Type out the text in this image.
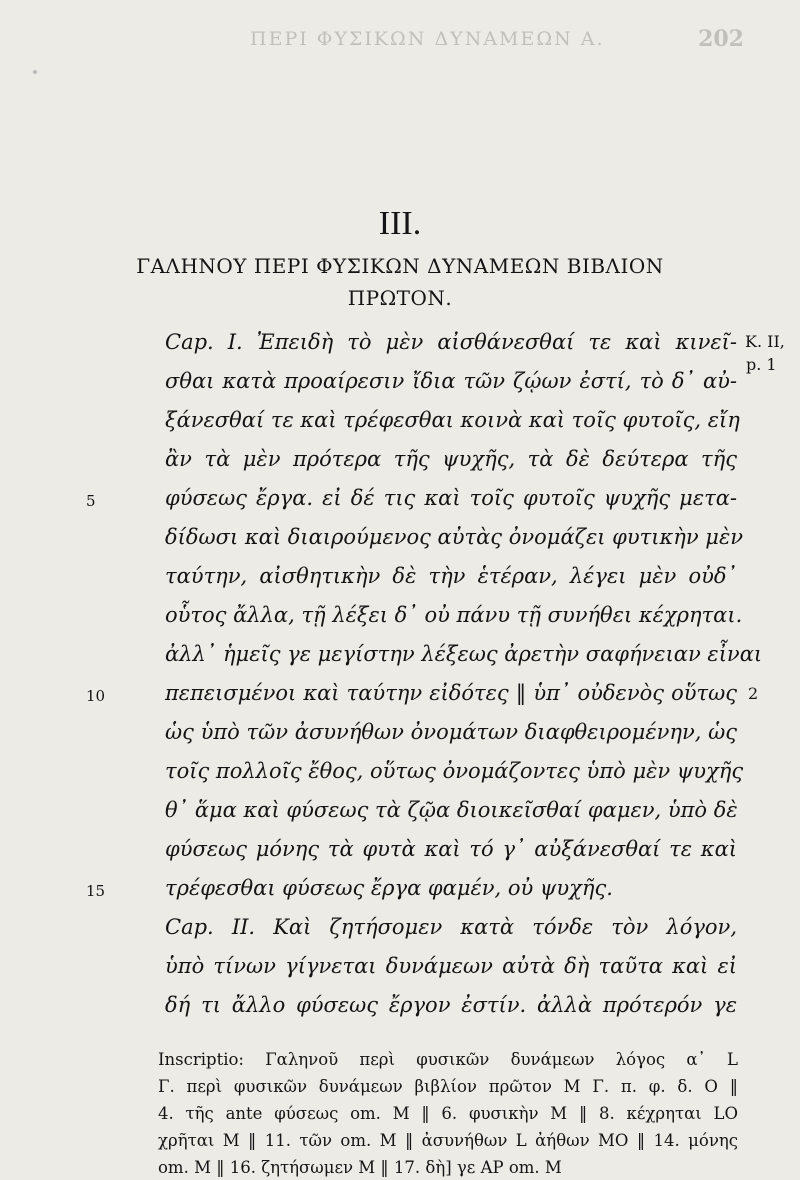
ΠΕΡΙ ΦΥΣΙΚΩΝ ΔΥΝΑΜΕΩΝ Α.	202
III.
ΓΑΛΗΝΟΥ ΠΕΡΙ ΦΥΣΙΚΩΝ ΔΥΝΑΜΕΩΝ ΒΙΒΛΙΟΝ
ΠΡΩΤΟΝ.
Cap. I. Ἐπειδὴ τὸ μὲν αἰσθάνεσθαί τε καὶ κινεῖ-
σθαι κατὰ προαίρεσιν ἴδια τῶν ζῴων ἐστί, τὸ δ᾽ αὐ-
ξάνεσθαί τε καὶ τρέφεσθαι κοινὰ καὶ τοῖς φυτοῖς, εἴη
ἂν τὰ μὲν πρότερα τῆς ψυχῆς, τὰ δὲ δεύτερα τῆς
φύσεως ἔργα. εἰ δέ τις καὶ τοῖς φυτοῖς ψυχῆς μετα-
δίδωσι καὶ διαιρούμενος αὐτὰς ὀνομάζει φυτικὴν μὲν
ταύτην, αἰσθητικὴν δὲ τὴν ἑτέραν, λέγει μὲν οὐδ᾽
οὗτος ἄλλα, τῇ λέξει δ᾽ οὐ πάνυ τῇ συνήθει κέχρηται.
ἀλλ᾽ ἡμεῖς γε μεγίστην λέξεως ἀρετὴν σαφήνειαν εἶναι
πεπεισμένοι καὶ ταύτην εἰδότες ‖ ὑπ᾽ οὐδενὸς οὕτως
ὡς ὑπὸ τῶν ἀσυνήθων ὀνομάτων διαφθειρομένην, ὡς
τοῖς πολλοῖς ἔθος, οὕτως ὀνομάζοντες ὑπὸ μὲν ψυχῆς
θ᾽ ἅμα καὶ φύσεως τὰ ζῷα διοικεῖσθαί φαμεν, ὑπὸ δὲ
φύσεως μόνης τὰ φυτὰ καὶ τό γ᾽ αὐξάνεσθαί τε καὶ
τρέφεσθαι φύσεως ἔργα φαμέν, οὐ ψυχῆς.
Cap. II. Καὶ ζητήσομεν κατὰ τόνδε τὸν λόγον,
ὑπὸ τίνων γίγνεται δυνάμεων αὐτὰ δὴ ταῦτα καὶ εἰ
δή τι ἄλλο φύσεως ἔργον ἐστίν. ἀλλὰ πρότερόν γε
5
10
15
K. II,
p. 1
2
Inscriptio: Γαληνοῦ περὶ φυσικῶν δυνάμεων λόγος α᾽ L
Γ. περὶ φυσικῶν δυνάμεων βιβλίον πρῶτον M Γ. π. φ. δ. O ‖
4. τῆς ante φύσεως om. M ‖ 6. φυσικὴν M ‖ 8. κέχρηται LO
χρῆται M ‖ 11. τῶν om. M ‖ ἀσυνήθων L ἀήθων MO ‖ 14. μόνης
om. M ‖ 16. ζητήσωμεν M ‖ 17. δὴ] γε AP om. M
